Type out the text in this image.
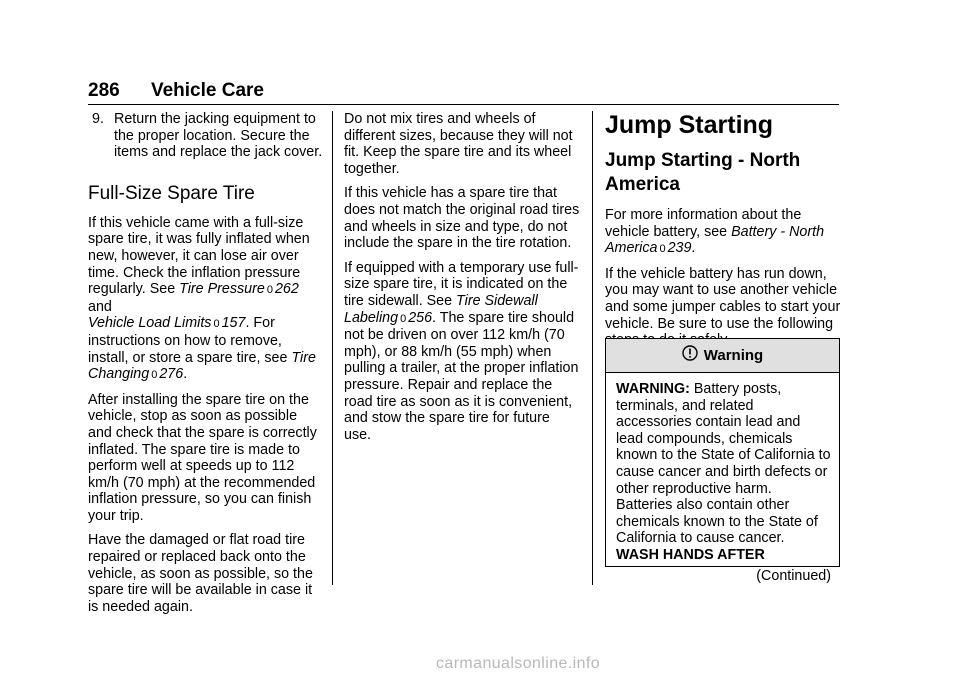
286 Vehicle Care
9. Return the jacking equipment to the proper location. Secure the items and replace the jack cover.

Full-Size Spare Tire

If this vehicle came with a full-size spare tire, it was fully inflated when new, however, it can lose air over time. Check the inflation pressure regularly. See Tire Pressure 0 262
and
Vehicle Load Limits 0 157. For instructions on how to remove, install, or store a spare tire, see Tire Changing 0 276.

After installing the spare tire on the vehicle, stop as soon as possible and check that the spare is correctly inflated. The spare tire is made to perform well at speeds up to 112 km/h (70 mph) at the recommended inflation pressure, so you can finish your trip.

Have the damaged or flat road tire repaired or replaced back onto the vehicle, as soon as possible, so the spare tire will be available in case it is needed again.

Do not mix tires and wheels of different sizes, because they will not fit. Keep the spare tire and its wheel together.

If this vehicle has a spare tire that does not match the original road tires and wheels in size and type, do not include the spare in the tire rotation.

If equipped with a temporary use full-size spare tire, it is indicated on the tire sidewall. See Tire Sidewall Labeling 0 256. The spare tire should not be driven on over 112 km/h (70 mph), or 88 km/h (55 mph) when pulling a trailer, at the proper inflation pressure. Repair and replace the road tire as soon as it is convenient, and stow the spare tire for future use.

Jump Starting
Jump Starting - North America

For more information about the vehicle battery, see Battery - North America 0 239.

If the vehicle battery has run down, you may want to use another vehicle and some jumper cables to start your vehicle. Be sure to use the following

Warning
WARNING: Battery posts, terminals, and related accessories contain lead and lead compounds, chemicals known to the State of California to cause cancer and birth defects or other reproductive harm. Batteries also contain other chemicals known to the State of California to cause cancer. WASH HANDS AFTER
(Continued)
carmanualsonline.info
